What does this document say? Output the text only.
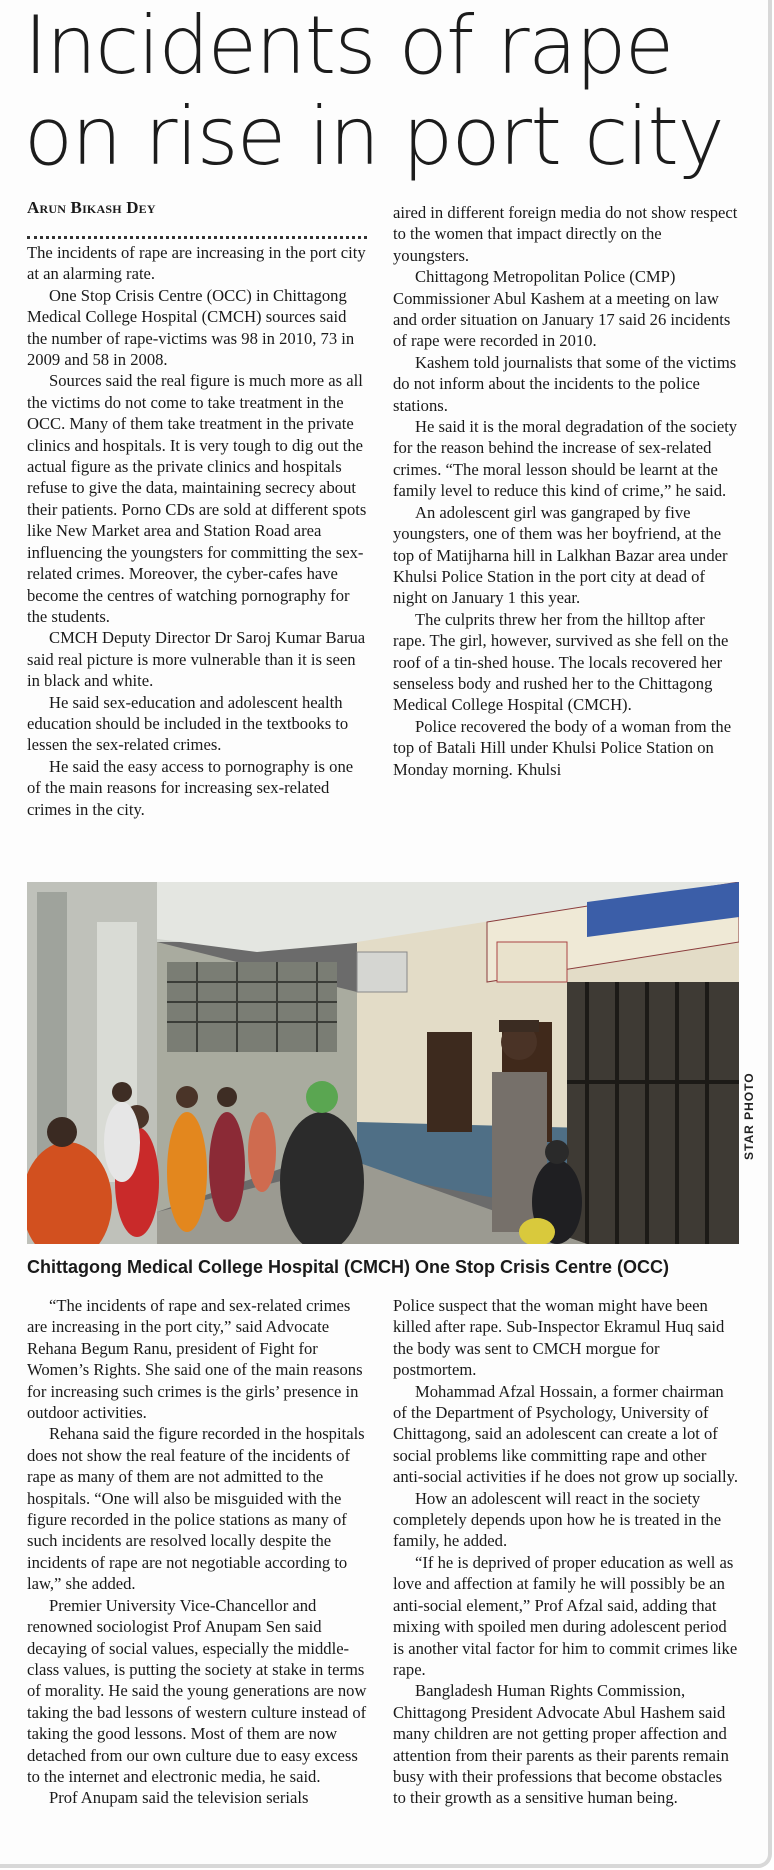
Incidents of rape
on rise in port city
Arun Bikash Dey

The incidents of rape are increasing in the port city at an alarming rate.

One Stop Crisis Centre (OCC) in Chittagong Medical College Hospital (CMCH) sources said the number of rape-victims was 98 in 2010, 73 in 2009 and 58 in 2008.

Sources said the real figure is much more as all the victims do not come to take treatment in the OCC. Many of them take treatment in the private clinics and hospitals. It is very tough to dig out the actual figure as the private clinics and hospitals refuse to give the data, maintaining secrecy about their patients. Porno CDs are sold at different spots like New Market area and Station Road area influencing the youngsters for committing the sex-related crimes. Moreover, the cyber-cafes have become the centres of watching pornography for the students.

CMCH Deputy Director Dr Saroj Kumar Barua said real picture is more vulnerable than it is seen in black and white.

He said sex-education and adolescent health education should be included in the textbooks to lessen the sex-related crimes.

He said the easy access to pornography is one of the main reasons for increasing sex-related crimes in the city.

aired in different foreign media do not show respect to the women that impact directly on the youngsters.

Chittagong Metropolitan Police (CMP) Commissioner Abul Kashem at a meeting on law and order situation on January 17 said 26 incidents of rape were recorded in 2010.

Kashem told journalists that some of the victims do not inform about the incidents to the police stations.

He said it is the moral degradation of the society for the reason behind the increase of sex-related crimes. “The moral lesson should be learnt at the family level to reduce this kind of crime,” he said.

An adolescent girl was gangraped by five youngsters, one of them was her boyfriend, at the top of Matijharna hill in Lalkhan Bazar area under Khulsi Police Station in the port city at dead of night on January 1 this year.

The culprits threw her from the hilltop after rape. The girl, however, survived as she fell on the roof of a tin-shed house. The locals recovered her senseless body and rushed her to the Chittagong Medical College Hospital (CMCH).

Police recovered the body of a woman from the top of Batali Hill under Khulsi Police Station on Monday morning. Khulsi

STAR PHOTO
Chittagong Medical College Hospital (CMCH) One Stop Crisis Centre (OCC)

“The incidents of rape and sex-related crimes are increasing in the port city,” said Advocate Rehana Begum Ranu, president of Fight for Women’s Rights. She said one of the main reasons for increasing such crimes is the girls’ presence in outdoor activities.

Rehana said the figure recorded in the hospitals does not show the real feature of the incidents of rape as many of them are not admitted to the hospitals. “One will also be misguided with the figure recorded in the police stations as many of such incidents are resolved locally despite the incidents of rape are not negotiable according to law,” she added.

Premier University Vice-Chancellor and renowned sociologist Prof Anupam Sen said decaying of social values, especially the middle-class values, is putting the society at stake in terms of morality. He said the young generations are now taking the bad lessons of western culture instead of taking the good lessons. Most of them are now detached from our own culture due to easy excess to the internet and electronic media, he said.

Prof Anupam said the television serials

Police suspect that the woman might have been killed after rape. Sub-Inspector Ekramul Huq said the body was sent to CMCH morgue for postmortem.

Mohammad Afzal Hossain, a former chairman of the Department of Psychology, University of Chittagong, said an adolescent can create a lot of social problems like committing rape and other anti-social activities if he does not grow up socially.

How an adolescent will react in the society completely depends upon how he is treated in the family, he added.

“If he is deprived of proper education as well as love and affection at family he will possibly be an anti-social element,” Prof Afzal said, adding that mixing with spoiled men during adolescent period is another vital factor for him to commit crimes like rape.

Bangladesh Human Rights Commission, Chittagong President Advocate Abul Hashem said many children are not getting proper affection and attention from their parents as their parents remain busy with their professions that become obstacles to their growth as a sensitive human being.
